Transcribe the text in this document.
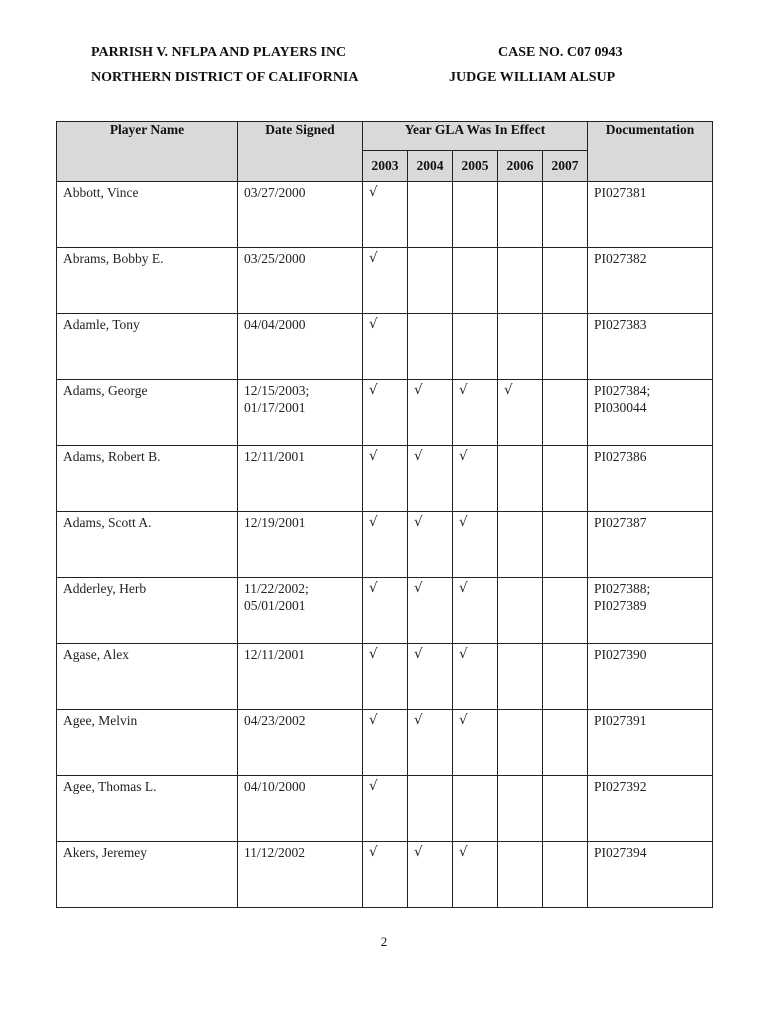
PARRISH V. NFLPA AND PLAYERS INC
NORTHERN DISTRICT OF CALIFORNIA
CASE NO. C07 0943
JUDGE WILLIAM ALSUP
Player Name	Date Signed	Year GLA Was In Effect					Documentation
		2003	2004	2005	2006	2007	
Abbott, Vince	03/27/2000	√					PI027381
Abrams, Bobby E.	03/25/2000	√					PI027382
Adamle, Tony	04/04/2000	√					PI027383
Adams, George	12/15/2003;
01/17/2001	√	√	√	√		PI027384;
PI030044
Adams, Robert B.	12/11/2001	√	√	√			PI027386
Adams, Scott A.	12/19/2001	√	√	√			PI027387
Adderley, Herb	11/22/2002;
05/01/2001	√	√	√			PI027388;
PI027389
Agase, Alex	12/11/2001	√	√	√			PI027390
Agee, Melvin	04/23/2002	√	√	√			PI027391
Agee, Thomas L.	04/10/2000	√					PI027392
Akers, Jeremey	11/12/2002	√	√	√			PI027394
2
